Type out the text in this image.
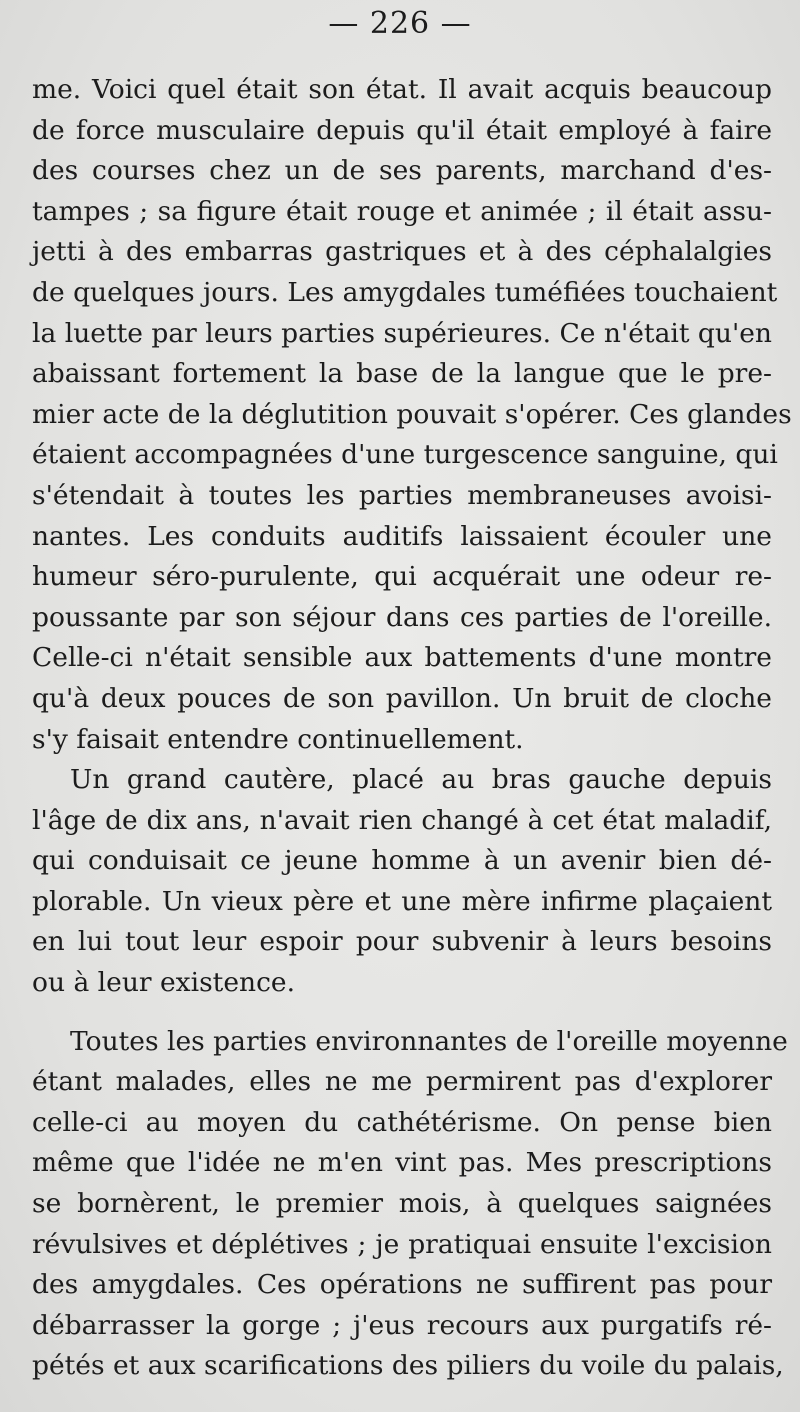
— 226 —
me. Voici quel était son état. Il avait acquis beaucoup
de force musculaire depuis qu'il était employé à faire
des courses chez un de ses parents, marchand d'es-
tampes ; sa figure était rouge et animée ; il était assu-
jetti à des embarras gastriques et à des céphalalgies
de quelques jours. Les amygdales tuméfiées touchaient
la luette par leurs parties supérieures. Ce n'était qu'en
abaissant fortement la base de la langue que le pre-
mier acte de la déglutition pouvait s'opérer. Ces glandes
étaient accompagnées d'une turgescence sanguine, qui
s'étendait à toutes les parties membraneuses avoisi-
nantes. Les conduits auditifs laissaient écouler une
humeur séro-purulente, qui acquérait une odeur re-
poussante par son séjour dans ces parties de l'oreille.
Celle-ci n'était sensible aux battements d'une montre
qu'à deux pouces de son pavillon. Un bruit de cloche
s'y faisait entendre continuellement.
Un grand cautère, placé au bras gauche depuis
l'âge de dix ans, n'avait rien changé à cet état maladif,
qui conduisait ce jeune homme à un avenir bien dé-
plorable. Un vieux père et une mère infirme plaçaient
en lui tout leur espoir pour subvenir à leurs besoins
ou à leur existence.
Toutes les parties environnantes de l'oreille moyenne
étant malades, elles ne me permirent pas d'explorer
celle-ci au moyen du cathétérisme. On pense bien
même que l'idée ne m'en vint pas. Mes prescriptions
se bornèrent, le premier mois, à quelques saignées
révulsives et déplétives ; je pratiquai ensuite l'excision
des amygdales. Ces opérations ne suffirent pas pour
débarrasser la gorge ; j'eus recours aux purgatifs ré-
pétés et aux scarifications des piliers du voile du palais,
